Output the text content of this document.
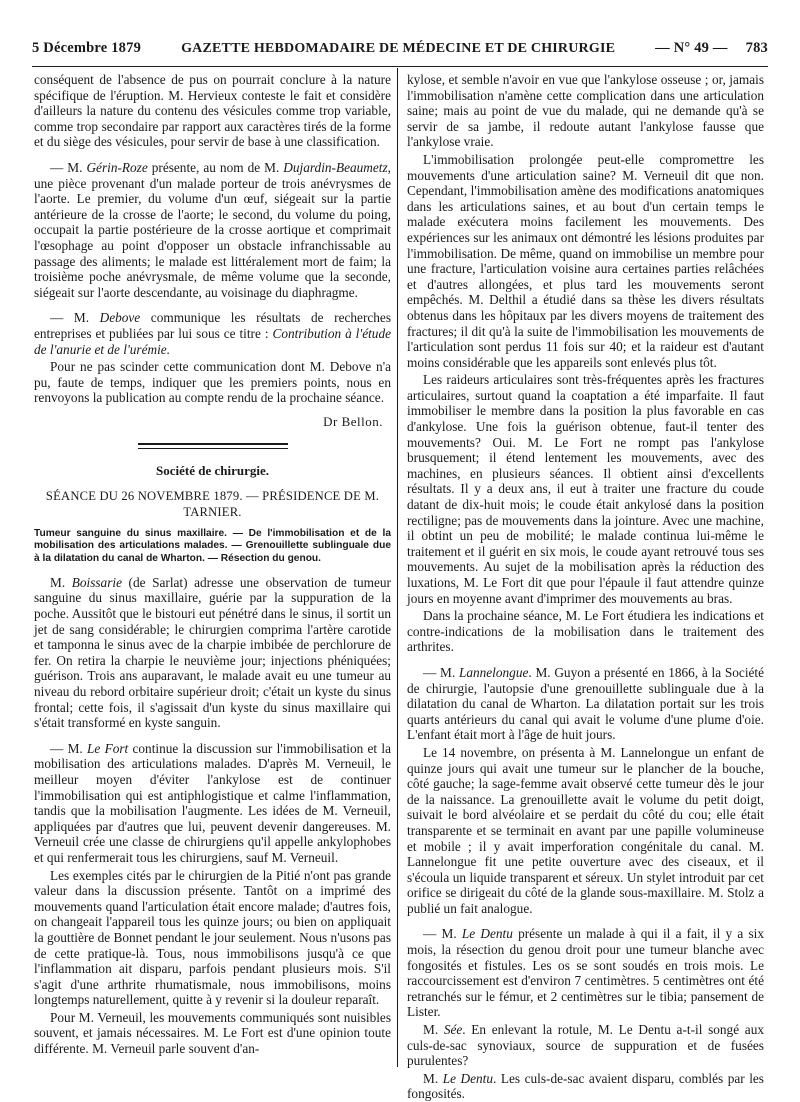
5 Décembre 1879	GAZETTE HEBDOMADAIRE DE MÉDECINE ET DE CHIRURGIE	— N° 49 — 783

conséquent de l'absence de pus on pourrait conclure à la nature spécifique de l'éruption. M. Hervieux conteste le fait et considère d'ailleurs la nature du contenu des vésicules comme trop variable, comme trop secondaire par rapport aux caractères tirés de la forme et du siège des vésicules, pour servir de base à une classification.

— M. Gérin-Roze présente, au nom de M. Dujardin-Beaumetz, une pièce provenant d'un malade porteur de trois anévrysmes de l'aorte. Le premier, du volume d'un œuf, siégeait sur la partie antérieure de la crosse de l'aorte; le second, du volume du poing, occupait la partie postérieure de la crosse aortique et comprimait l'œsophage au point d'opposer un obstacle infranchissable au passage des aliments; le malade est littéralement mort de faim; la troisième poche anévrysmale, de même volume que la seconde, siégeait sur l'aorte descendante, au voisinage du diaphragme.

— M. Debove communique les résultats de recherches entreprises et publiées par lui sous ce titre : Contribution à l'étude de l'anurie et de l'urémie.

Pour ne pas scinder cette communication dont M. Debove n'a pu, faute de temps, indiquer que les premiers points, nous en renvoyons la publication au compte rendu de la prochaine séance.

Dr Bellon.
Société de chirurgie.
SÉANCE DU 26 NOVEMBRE 1879. — PRÉSIDENCE DE M. TARNIER.

Tumeur sanguine du sinus maxillaire. — De l'immobilisation et de la mobilisation des articulations malades. — Grenouillette sublinguale due à la dilatation du canal de Wharton. — Résection du genou.

M. Boissarie (de Sarlat) adresse une observation de tumeur sanguine du sinus maxillaire, guérie par la suppuration de la poche. Aussitôt que le bistouri eut pénétré dans le sinus, il sortit un jet de sang considérable; le chirurgien comprima l'artère carotide et tamponna le sinus avec de la charpie imbibée de perchlorure de fer. On retira la charpie le neuvième jour; injections phéniquées; guérison. Trois ans auparavant, le malade avait eu une tumeur au niveau du rebord orbitaire supérieur droit; c'était un kyste du sinus frontal; cette fois, il s'agissait d'un kyste du sinus maxillaire qui s'était transformé en kyste sanguin.

— M. Le Fort continue la discussion sur l'immobilisation et la mobilisation des articulations malades. D'après M. Verneuil, le meilleur moyen d'éviter l'ankylose est de continuer l'immobilisation qui est antiphlogistique et calme l'inflammation, tandis que la mobilisation l'augmente. Les idées de M. Verneuil, appliquées par d'autres que lui, peuvent devenir dangereuses. M. Verneuil crée une classe de chirurgiens qu'il appelle ankylophobes et qui renfermerait tous les chirurgiens, sauf M. Verneuil.

Les exemples cités par le chirurgien de la Pitié n'ont pas grande valeur dans la discussion présente. Tantôt on a imprimé des mouvements quand l'articulation était encore malade; d'autres fois, on changeait l'appareil tous les quinze jours; ou bien on appliquait la gouttière de Bonnet pendant le jour seulement. Nous n'usons pas de cette pratique-là. Tous, nous immobilisons jusqu'à ce que l'inflammation ait disparu, parfois pendant plusieurs mois. S'il s'agit d'une arthrite rhumatismale, nous immobilisons, moins longtemps naturellement, quitte à y revenir si la douleur reparaît.

Pour M. Verneuil, les mouvements communiqués sont nuisibles souvent, et jamais nécessaires. M. Le Fort est d'une opinion toute différente. M. Verneuil parle souvent d'an-

kylose, et semble n'avoir en vue que l'ankylose osseuse ; or, jamais l'immobilisation n'amène cette complication dans une articulation saine; mais au point de vue du malade, qui ne demande qu'à se servir de sa jambe, il redoute autant l'ankylose fausse que l'ankylose vraie.

L'immobilisation prolongée peut-elle compromettre les mouvements d'une articulation saine? M. Verneuil dit que non. Cependant, l'immobilisation amène des modifications anatomiques dans les articulations saines, et au bout d'un certain temps le malade exécutera moins facilement les mouvements. Des expériences sur les animaux ont démontré les lésions produites par l'immobilisation. De même, quand on immobilise un membre pour une fracture, l'articulation voisine aura certaines parties relâchées et d'autres allongées, et plus tard les mouvements seront empêchés. M. Delthil a étudié dans sa thèse les divers résultats obtenus dans les hôpitaux par les divers moyens de traitement des fractures; il dit qu'à la suite de l'immobilisation les mouvements de l'articulation sont perdus 11 fois sur 40; et la raideur est d'autant moins considérable que les appareils sont enlevés plus tôt.

Les raideurs articulaires sont très-fréquentes après les fractures articulaires, surtout quand la coaptation a été imparfaite. Il faut immobiliser le membre dans la position la plus favorable en cas d'ankylose. Une fois la guérison obtenue, faut-il tenter des mouvements? Oui. M. Le Fort ne rompt pas l'ankylose brusquement; il étend lentement les mouvements, avec des machines, en plusieurs séances. Il obtient ainsi d'excellents résultats. Il y a deux ans, il eut à traiter une fracture du coude datant de dix-huit mois; le coude était ankylosé dans la position rectiligne; pas de mouvements dans la jointure. Avec une machine, il obtint un peu de mobilité; le malade continua lui-même le traitement et il guérit en six mois, le coude ayant retrouvé tous ses mouvements. Au sujet de la mobilisation après la réduction des luxations, M. Le Fort dit que pour l'épaule il faut attendre quinze jours en moyenne avant d'imprimer des mouvements au bras.

Dans la prochaine séance, M. Le Fort étudiera les indications et contre-indications de la mobilisation dans le traitement des arthrites.

— M. Lannelongue. M. Guyon a présenté en 1866, à la Société de chirurgie, l'autopsie d'une grenouillette sublinguale due à la dilatation du canal de Wharton. La dilatation portait sur les trois quarts antérieurs du canal qui avait le volume d'une plume d'oie. L'enfant était mort à l'âge de huit jours.

Le 14 novembre, on présenta à M. Lannelongue un enfant de quinze jours qui avait une tumeur sur le plancher de la bouche, côté gauche; la sage-femme avait observé cette tumeur dès le jour de la naissance. La grenouillette avait le volume du petit doigt, suivait le bord alvéolaire et se perdait du côté du cou; elle était transparente et se terminait en avant par une papille volumineuse et mobile ; il y avait imperforation congénitale du canal. M. Lannelongue fit une petite ouverture avec des ciseaux, et il s'écoula un liquide transparent et séreux. Un stylet introduit par cet orifice se dirigeait du côté de la glande sous-maxillaire. M. Stolz a publié un fait analogue.

— M. Le Dentu présente un malade à qui il a fait, il y a six mois, la résection du genou droit pour une tumeur blanche avec fongosités et fistules. Les os se sont soudés en trois mois. Le raccourcissement est d'environ 7 centimètres. 5 centimètres ont été retranchés sur le fémur, et 2 centimètres sur le tibia; pansement de Lister.

M. Sée. En enlevant la rotule, M. Le Dentu a-t-il songé aux culs-de-sac synoviaux, source de suppuration et de fusées purulentes?

M. Le Dentu. Les culs-de-sac avaient disparu, comblés par les fongosités.
